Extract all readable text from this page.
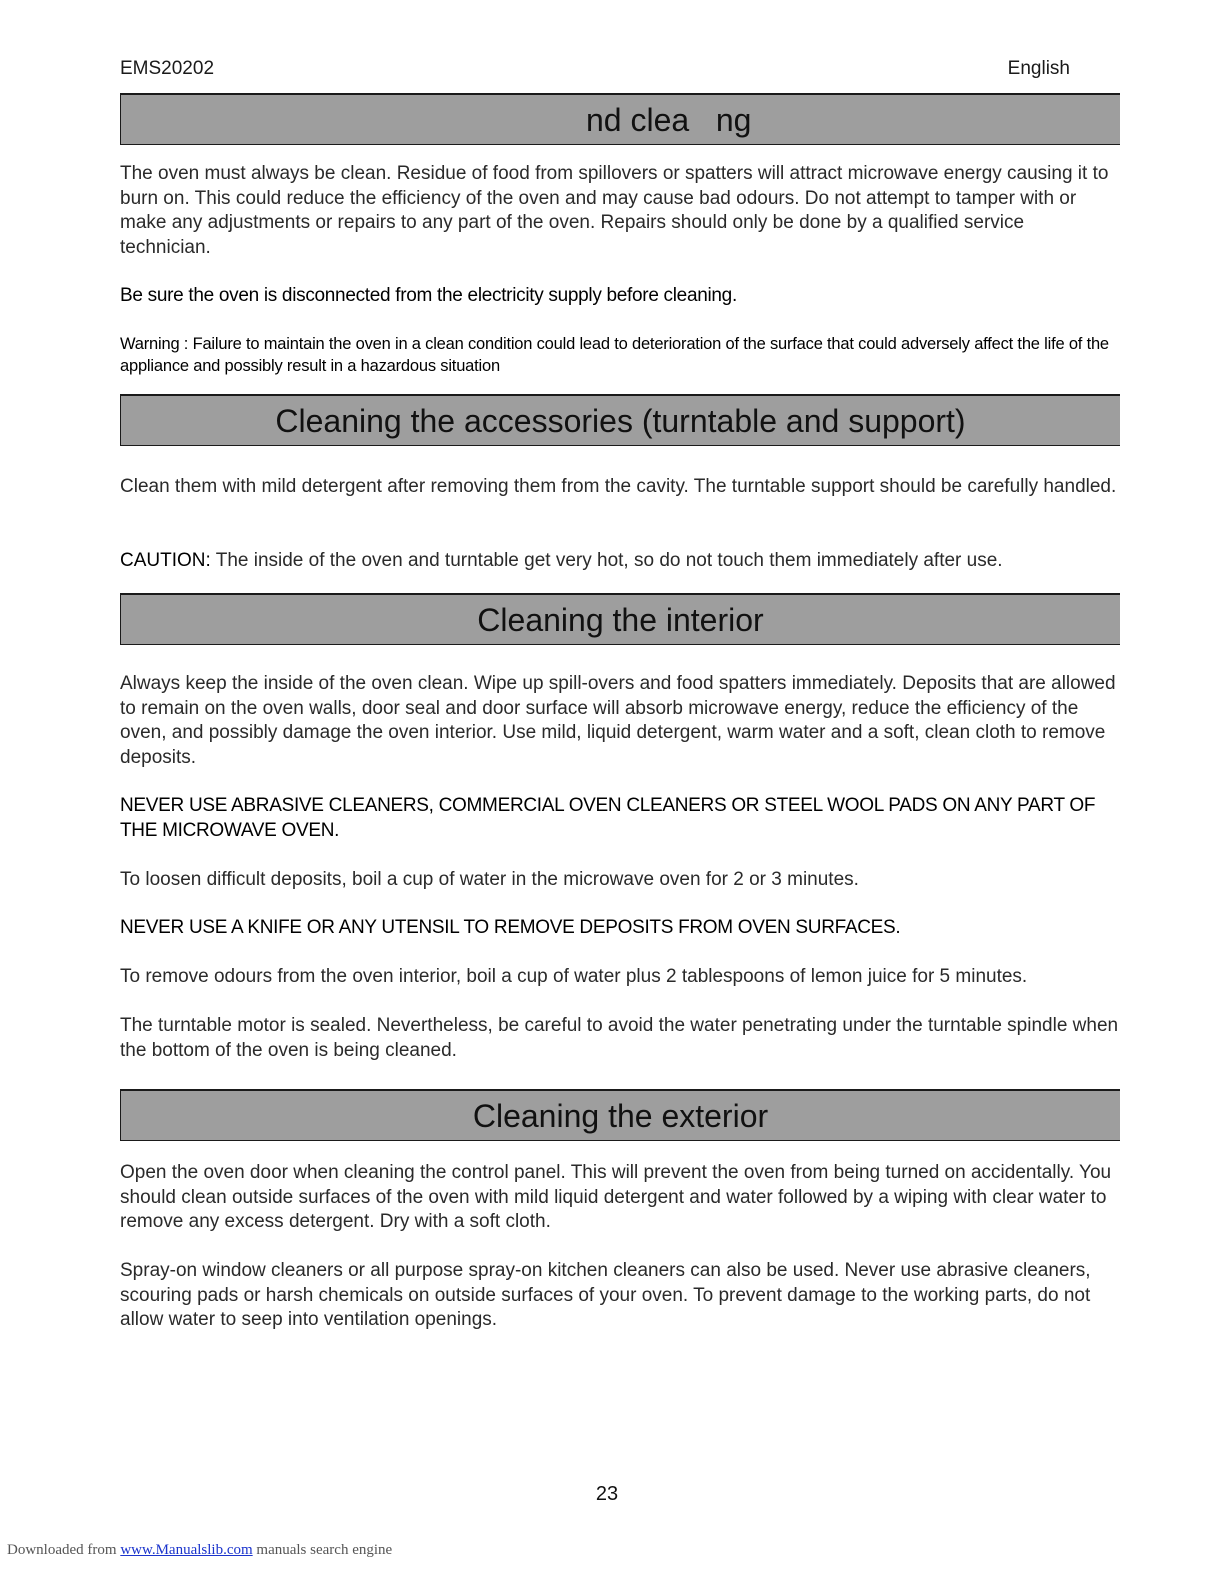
EMS20202	English
nd clea   ng

The oven must always be clean. Residue of food from spillovers or spatters will attract microwave energy causing it to burn on. This could reduce the efficiency of the oven and may cause bad odours. Do not attempt to tamper with or make any adjustments or repairs to any part of the oven. Repairs should only be done by a qualified service technician.

Be sure the oven is disconnected from the electricity supply before cleaning.

Warning : Failure to maintain the oven in a clean condition could lead to deterioration of the surface that could adversely affect the life of the appliance and possibly result in a hazardous situation

Cleaning the accessories (turntable and support)

Clean them with mild detergent after removing them from the cavity. The turntable support should be carefully handled.

CAUTION: The inside of the oven and turntable get very hot, so do not touch them immediately after use.

Cleaning the interior

Always keep the inside of the oven clean. Wipe up spill-overs and food spatters immediately. Deposits that are allowed to remain on the oven walls, door seal and door surface will absorb microwave energy, reduce the efficiency of the oven, and possibly damage the oven interior. Use mild, liquid detergent, warm water and a soft, clean cloth to remove deposits.

NEVER USE ABRASIVE CLEANERS, COMMERCIAL OVEN CLEANERS OR STEEL WOOL PADS ON ANY PART OF THE MICROWAVE OVEN.

To loosen difficult deposits, boil a cup of water in the microwave oven for 2 or 3 minutes.

NEVER USE A KNIFE OR ANY UTENSIL TO REMOVE DEPOSITS FROM OVEN SURFACES.

To remove odours from the oven interior, boil a cup of water plus 2 tablespoons of lemon juice for 5 minutes.

The turntable motor is sealed. Nevertheless, be careful to avoid the water penetrating under the turntable spindle when the bottom of the oven is being cleaned.

Cleaning the exterior

Open the oven door when cleaning the control panel. This will prevent the oven from being turned on accidentally. You should clean outside surfaces of the oven with mild liquid detergent and water followed by a wiping with clear water to remove any excess detergent. Dry with a soft cloth.

Spray-on window cleaners or all purpose spray-on kitchen cleaners can also be used. Never use abrasive cleaners, scouring pads or harsh chemicals on outside surfaces of your oven. To prevent damage to the working parts, do not allow water to seep into ventilation openings.

23
Downloaded from www.Manualslib.com manuals search engine
